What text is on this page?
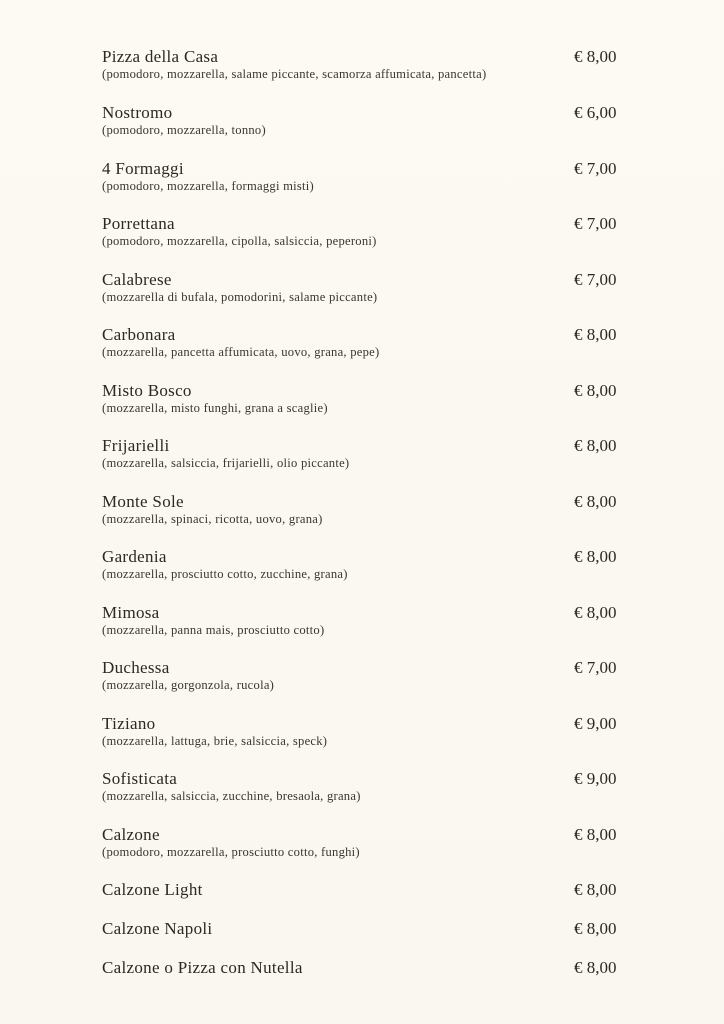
Pizza della Casa
(pomodoro, mozzarella, salame piccante, scamorza affumicata, pancetta)
€ 8,00
Nostromo
(pomodoro, mozzarella, tonno)
€ 6,00
4 Formaggi
(pomodoro, mozzarella, formaggi misti)
€ 7,00
Porrettana
(pomodoro, mozzarella, cipolla, salsiccia, peperoni)
€ 7,00
Calabrese
(mozzarella di bufala, pomodorini, salame piccante)
€ 7,00
Carbonara
(mozzarella, pancetta affumicata, uovo, grana, pepe)
€ 8,00
Misto Bosco
(mozzarella, misto funghi, grana a scaglie)
€ 8,00
Frijarielli
(mozzarella, salsiccia, frijarielli, olio piccante)
€ 8,00
Monte Sole
(mozzarella, spinaci, ricotta, uovo, grana)
€ 8,00
Gardenia
(mozzarella, prosciutto cotto, zucchine, grana)
€ 8,00
Mimosa
(mozzarella, panna mais, prosciutto cotto)
€ 8,00
Duchessa
(mozzarella, gorgonzola, rucola)
€ 7,00
Tiziano
(mozzarella, lattuga, brie, salsiccia, speck)
€ 9,00
Sofisticata
(mozzarella, salsiccia, zucchine, bresaola, grana)
€ 9,00
Calzone
(pomodoro, mozzarella, prosciutto cotto, funghi)
€ 8,00
Calzone Light	€ 8,00
Calzone Napoli	€ 8,00
Calzone o Pizza con Nutella	€ 8,00
